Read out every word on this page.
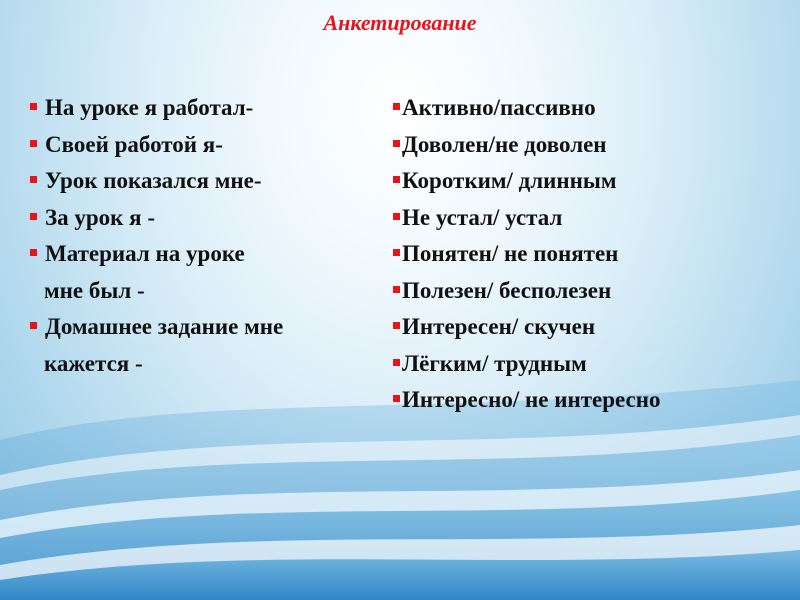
Анкетирование
На уроке я работал-
Своей работой я-
Урок показался мне-
За урок я -
Материал на уроке
мне был -
Домашнее задание мне
кажется -
Активно/пассивно
Доволен/не доволен
Коротким/ длинным
Не устал/ устал
Понятен/ не понятен
Полезен/ бесполезен
Интересен/ скучен
Лёгким/ трудным
Интересно/ не интересно
